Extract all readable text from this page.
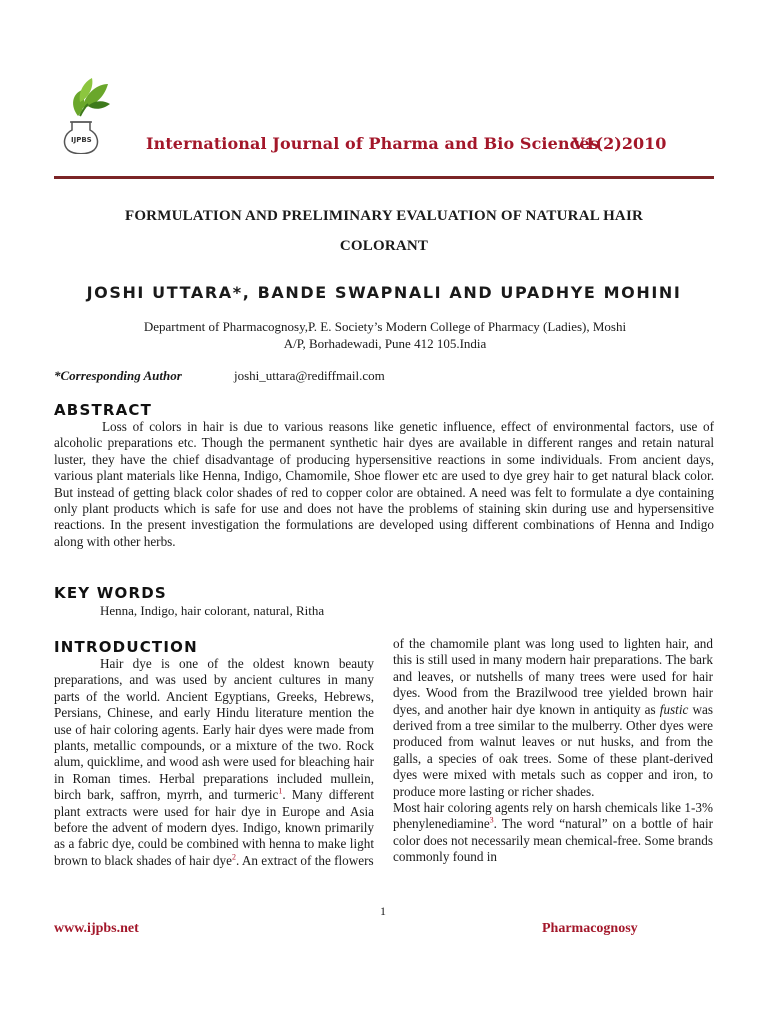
IJPBS	International Journal of Pharma and Bio Sciences
V1(2)2010
FORMULATION AND PRELIMINARY EVALUATION OF NATURAL HAIR
COLORANT
JOSHI UTTARA*, BANDE SWAPNALI AND UPADHYE MOHINI
Department of Pharmacognosy,P. E. Society’s Modern College of Pharmacy (Ladies), Moshi
A/P, Borhadewadi, Pune 412 105.India
*Corresponding Author	joshi_uttara@rediffmail.com
ABSTRACT
Loss of colors in hair is due to various reasons like genetic influence, effect of environmental factors, use of alcoholic preparations etc. Though the permanent synthetic hair dyes are available in different ranges and retain natural luster, they have the chief disadvantage of producing hypersensitive reactions in some individuals. From ancient days, various plant materials like Henna, Indigo, Chamomile, Shoe flower etc are used to dye grey hair to get natural black color. But instead of getting black color shades of red to copper color are obtained. A need was felt to formulate a dye containing only plant products which is safe for use and does not have the problems of staining skin during use and hypersensitive reactions. In the present investigation the formulations are developed using different combinations of Henna and Indigo along with other herbs.
KEY WORDS
Henna, Indigo, hair colorant, natural, Ritha
INTRODUCTION

Hair dye is one of the oldest known beauty preparations, and was used by ancient cultures in many parts of the world. Ancient Egyptians, Greeks, Hebrews, Persians, Chinese, and early Hindu literature mention the use of hair coloring agents. Early hair dyes were made from plants, metallic compounds, or a mixture of the two. Rock alum, quicklime, and wood ash were used for bleaching hair in Roman times. Herbal preparations included mullein, birch bark, saffron, myrrh, and turmeric$^1$. Many different plant extracts were used for hair dye in Europe and Asia before the advent of modern dyes. Indigo, known primarily as a fabric dye, could be combined with henna to make light brown to black shades of hair dye$^2$. An extract of the flowers

of the chamomile plant was long used to lighten hair, and this is still used in many modern hair preparations. The bark and leaves, or nutshells of many trees were used for hair dyes. Wood from the Brazilwood tree yielded brown hair dyes, and another hair dye known in antiquity as fustic was derived from a tree similar to the mulberry. Other dyes were produced from walnut leaves or nut husks, and from the galls, a species of oak trees. Some of these plant-derived dyes were mixed with metals such as copper and iron, to produce more lasting or richer shades.

Most hair coloring agents rely on harsh chemicals like 1-3% phenylenediamine$^3$. The word “natural” on a bottle of hair color does not necessarily mean chemical-free. Some brands commonly found in

1
www.ijpbs.net	Pharmacognosy
